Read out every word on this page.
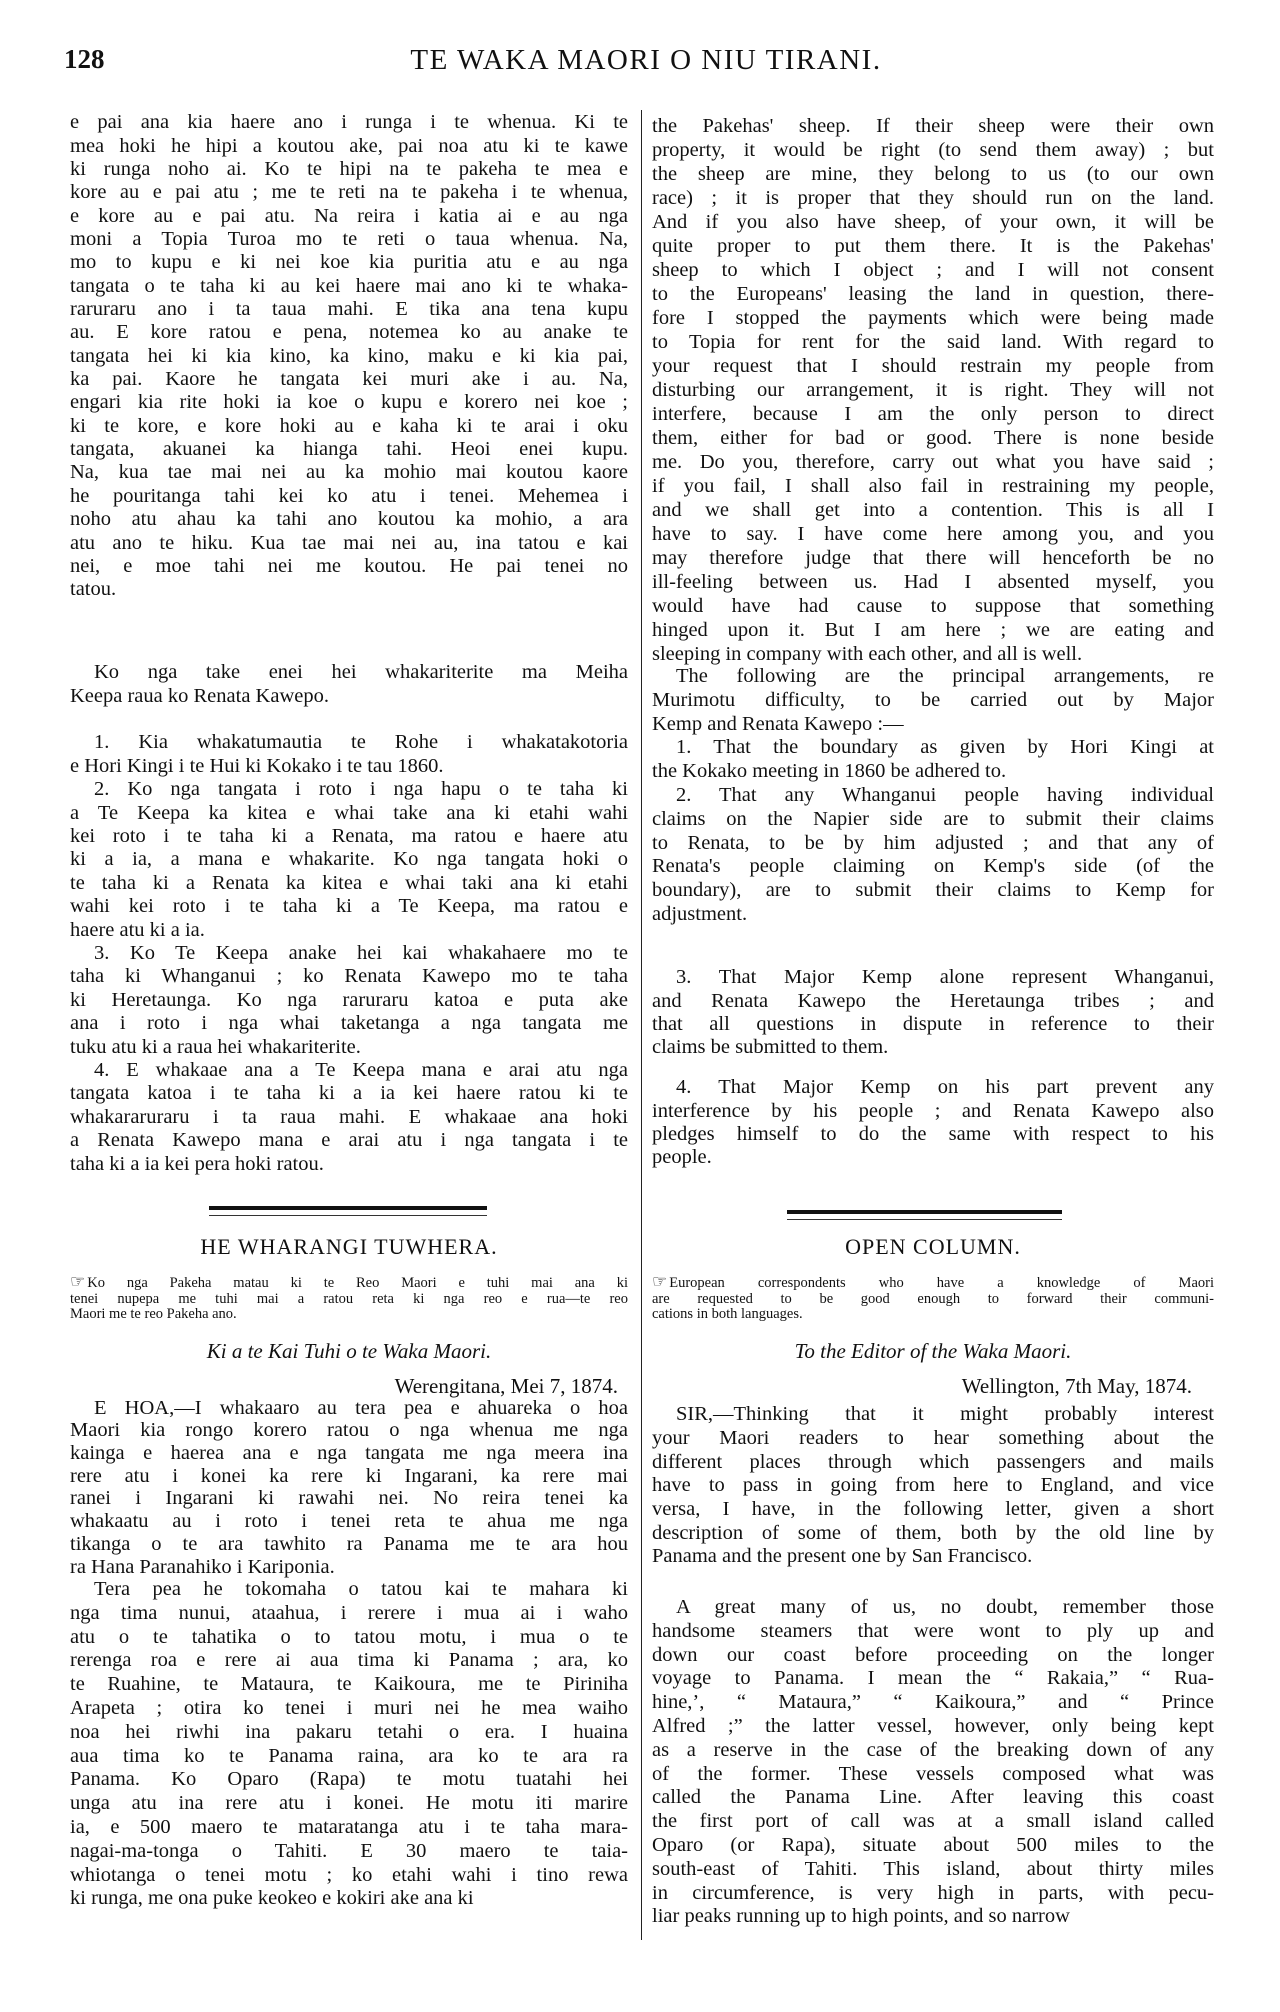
128	TE WAKA MAORI O NIU TIRANI.
HE WHARANGI TUWHERA.
☞ Ko nga Pakeha matau ki te Reo Maori e tuhi mai ana ki
tenei nupepa me tuhi mai a ratou reta ki nga reo e rua—te reo
Maori me te reo Pakeha ano.
Ki a te Kai Tuhi o te Waka Maori.
Werengitana, Mei 7, 1874.
OPEN COLUMN.
☞ European correspondents who have a knowledge of Maori
are requested to be good enough to forward their communi-
cations in both languages.
To the Editor of the Waka Maori.
Wellington, 7th May, 1874.
e pai ana kia haere ano i runga i te whenua. Ki te
mea hoki he hipi a koutou ake, pai noa atu ki te kawe
ki runga noho ai. Ko te hipi na te pakeha te mea e
kore au e pai atu ; me te reti na te pakeha i te whenua,
e kore au e pai atu. Na reira i katia ai e au nga
moni a Topia Turoa mo te reti o taua whenua. Na,
mo to kupu e ki nei koe kia puritia atu e au nga
tangata o te taha ki au kei haere mai ano ki te whaka-
raruraru ano i ta taua mahi. E tika ana tena kupu
au. E kore ratou e pena, notemea ko au anake te
tangata hei ki kia kino, ka kino, maku e ki kia pai,
ka pai. Kaore he tangata kei muri ake i au. Na,
engari kia rite hoki ia koe o kupu e korero nei koe ;
ki te kore, e kore hoki au e kaha ki te arai i oku
tangata, akuanei ka hianga tahi. Heoi enei kupu.
Na, kua tae mai nei au ka mohio mai koutou kaore
he pouritanga tahi kei ko atu i tenei. Mehemea i
noho atu ahau ka tahi ano koutou ka mohio, a ara
atu ano te hiku. Kua tae mai nei au, ina tatou e kai
nei, e moe tahi nei me koutou. He pai tenei no
tatou.
Ko nga take enei hei whakariterite ma Meiha
Keepa raua ko Renata Kawepo.
1. Kia whakatumautia te Rohe i whakatakotoria
e Hori Kingi i te Hui ki Kokako i te tau 1860.
2. Ko nga tangata i roto i nga hapu o te taha ki
a Te Keepa ka kitea e whai take ana ki etahi wahi
kei roto i te taha ki a Renata, ma ratou e haere atu
ki a ia, a mana e whakarite. Ko nga tangata hoki o
te taha ki a Renata ka kitea e whai taki ana ki etahi
wahi kei roto i te taha ki a Te Keepa, ma ratou e
haere atu ki a ia.
3. Ko Te Keepa anake hei kai whakahaere mo te
taha ki Whanganui ; ko Renata Kawepo mo te taha
ki Heretaunga. Ko nga raruraru katoa e puta ake
ana i roto i nga whai taketanga a nga tangata me
tuku atu ki a raua hei whakariterite.
4. E whakaae ana a Te Keepa mana e arai atu nga
tangata katoa i te taha ki a ia kei haere ratou ki te
whakararuraru i ta raua mahi. E whakaae ana hoki
a Renata Kawepo mana e arai atu i nga tangata i te
taha ki a ia kei pera hoki ratou.
E HOA,—I whakaaro au tera pea e ahuareka o hoa
Maori kia rongo korero ratou o nga whenua me nga
kainga e haerea ana e nga tangata me nga meera ina
rere atu i konei ka rere ki Ingarani, ka rere mai
ranei i Ingarani ki rawahi nei. No reira tenei ka
whakaatu au i roto i tenei reta te ahua me nga
tikanga o te ara tawhito ra Panama me te ara hou
ra Hana Paranahiko i Kariponia.
Tera pea he tokomaha o tatou kai te mahara ki
nga tima nunui, ataahua, i rerere i mua ai i waho
atu o te tahatika o to tatou motu, i mua o te
rerenga roa e rere ai aua tima ki Panama ; ara, ko
te Ruahine, te Mataura, te Kaikoura, me te Piriniha
Arapeta ; otira ko tenei i muri nei he mea waiho
noa hei riwhi ina pakaru tetahi o era. I huaina
aua tima ko te Panama raina, ara ko te ara ra
Panama. Ko Oparo (Rapa) te motu tuatahi hei
unga atu ina rere atu i konei. He motu iti marire
ia, e 500 maero te mataratanga atu i te taha mara-
nagai-ma-tonga o Tahiti. E 30 maero te taia-
whiotanga o tenei motu ; ko etahi wahi i tino rewa
ki runga, me ona puke keokeo e kokiri ake ana ki
the Pakehas' sheep. If their sheep were their own
property, it would be right (to send them away) ; but
the sheep are mine, they belong to us (to our own
race) ; it is proper that they should run on the land.
And if you also have sheep, of your own, it will be
quite proper to put them there. It is the Pakehas'
sheep to which I object ; and I will not consent
to the Europeans' leasing the land in question, there-
fore I stopped the payments which were being made
to Topia for rent for the said land. With regard to
your request that I should restrain my people from
disturbing our arrangement, it is right. They will not
interfere, because I am the only person to direct
them, either for bad or good. There is none beside
me. Do you, therefore, carry out what you have said ;
if you fail, I shall also fail in restraining my people,
and we shall get into a contention. This is all I
have to say. I have come here among you, and you
may therefore judge that there will henceforth be no
ill-feeling between us. Had I absented myself, you
would have had cause to suppose that something
hinged upon it. But I am here ; we are eating and
sleeping in company with each other, and all is well.
The following are the principal arrangements, re
Murimotu difficulty, to be carried out by Major
Kemp and Renata Kawepo :—
1. That the boundary as given by Hori Kingi at
the Kokako meeting in 1860 be adhered to.
2. That any Whanganui people having individual
claims on the Napier side are to submit their claims
to Renata, to be by him adjusted ; and that any of
Renata's people claiming on Kemp's side (of the
boundary), are to submit their claims to Kemp for
adjustment.
3. That Major Kemp alone represent Whanganui,
and Renata Kawepo the Heretaunga tribes ; and
that all questions in dispute in reference to their
claims be submitted to them.
4. That Major Kemp on his part prevent any
interference by his people ; and Renata Kawepo also
pledges himself to do the same with respect to his
people.
SIR,—Thinking that it might probably interest
your Maori readers to hear something about the
different places through which passengers and mails
have to pass in going from here to England, and vice
versa, I have, in the following letter, given a short
description of some of them, both by the old line by
Panama and the present one by San Francisco.
A great many of us, no doubt, remember those
handsome steamers that were wont to ply up and
down our coast before proceeding on the longer
voyage to Panama. I mean the “ Rakaia,” “ Rua-
hine,’, “ Mataura,” “ Kaikoura,” and “ Prince
Alfred ;” the latter vessel, however, only being kept
as a reserve in the case of the breaking down of any
of the former. These vessels composed what was
called the Panama Line. After leaving this coast
the first port of call was at a small island called
Oparo (or Rapa), situate about 500 miles to the
south-east of Tahiti. This island, about thirty miles
in circumference, is very high in parts, with pecu-
liar peaks running up to high points, and so narrow
